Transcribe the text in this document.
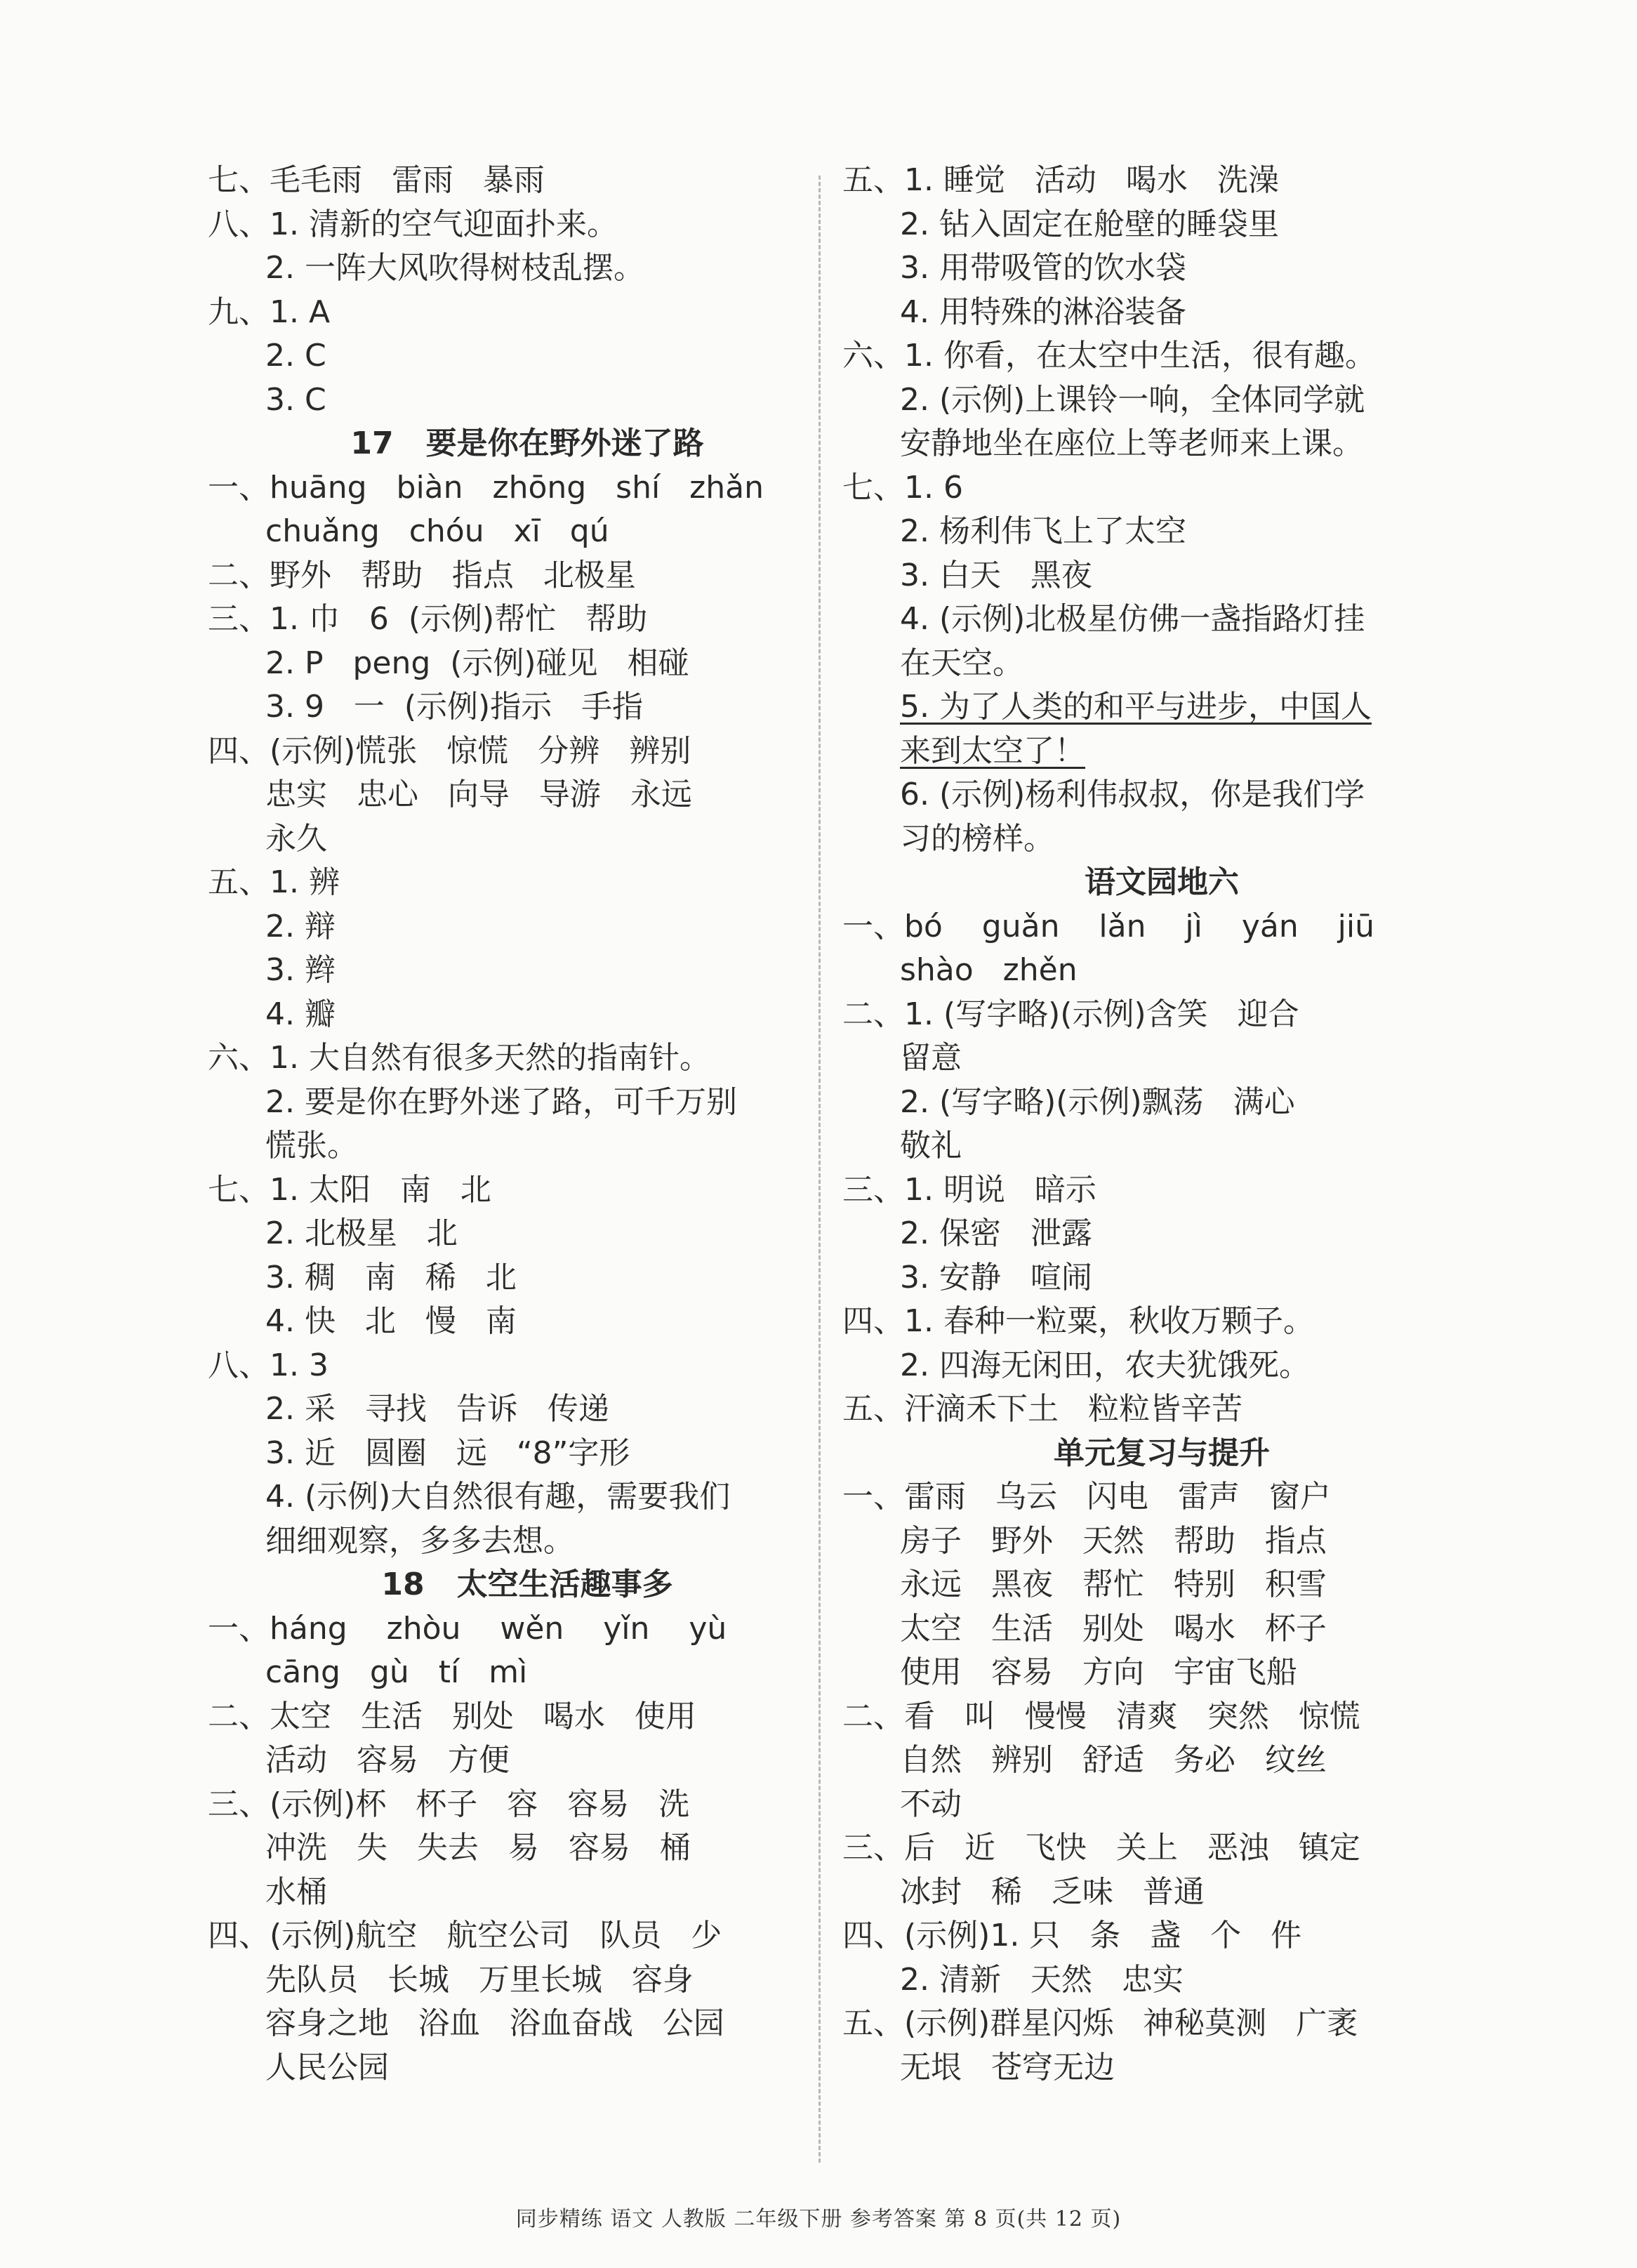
七、毛毛雨   雷雨   暴雨
八、1. 清新的空气迎面扑来。
2. 一阵大风吹得树枝乱摆。
九、1. A
2. C
3. C
17   要是你在野外迷了路
一、huāng   biàn   zhōng   shí   zhǎn
chuǎng   chóu   xī   qú
二、野外   帮助   指点   北极星
三、1. 巾   6  (示例)帮忙   帮助
2. P   peng  (示例)碰见   相碰
3. 9   一  (示例)指示   手指
四、(示例)慌张   惊慌   分辨   辨别
忠实   忠心   向导   导游   永远
永久
五、1. 辨
2. 辩
3. 辫
4. 瓣
六、1. 大自然有很多天然的指南针。
2. 要是你在野外迷了路，可千万别
慌张。
七、1. 太阳   南   北
2. 北极星   北
3. 稠   南   稀   北
4. 快   北   慢   南
八、1. 3
2. 采   寻找   告诉   传递
3. 近   圆圈   远   “8”字形
4. (示例)大自然很有趣，需要我们
细细观察，多多去想。
18   太空生活趣事多
一、háng    zhòu    wěn    yǐn    yù
cāng   gù   tí   mì
二、太空   生活   别处   喝水   使用
活动   容易   方便
三、(示例)杯   杯子   容   容易   洗
冲洗   失   失去   易   容易   桶
水桶
四、(示例)航空   航空公司   队员   少
先队员   长城   万里长城   容身
容身之地   浴血   浴血奋战   公园
人民公园
五、1. 睡觉   活动   喝水   洗澡
2. 钻入固定在舱壁的睡袋里
3. 用带吸管的饮水袋
4. 用特殊的淋浴装备
六、1. 你看，在太空中生活，很有趣。
2. (示例)上课铃一响，全体同学就
安静地坐在座位上等老师来上课。
七、1. 6
2. 杨利伟飞上了太空
3. 白天   黑夜
4. (示例)北极星仿佛一盏指路灯挂
在天空。
5. 为了人类的和平与进步，中国人
来到太空了！
6. (示例)杨利伟叔叔，你是我们学
习的榜样。
语文园地六
一、bó    guǎn    lǎn    jì    yán    jiū
shào   zhěn
二、1. (写字略)(示例)含笑   迎合
留意
2. (写字略)(示例)飘荡   满心
敬礼
三、1. 明说   暗示
2. 保密   泄露
3. 安静   喧闹
四、1. 春种一粒粟，秋收万颗子。
2. 四海无闲田，农夫犹饿死。
五、汗滴禾下土   粒粒皆辛苦
单元复习与提升
一、雷雨   乌云   闪电   雷声   窗户
房子   野外   天然   帮助   指点
永远   黑夜   帮忙   特别   积雪
太空   生活   别处   喝水   杯子
使用   容易   方向   宇宙飞船
二、看   叫   慢慢   清爽   突然   惊慌
自然   辨别   舒适   务必   纹丝
不动
三、后   近   飞快   关上   恶浊   镇定
冰封   稀   乏味   普通
四、(示例)1. 只   条   盏   个   件
2. 清新   天然   忠实
五、(示例)群星闪烁   神秘莫测   广袤
无垠   苍穹无边
同步精练 语文 人教版 二年级下册 参考答案 第 8 页(共 12 页)
